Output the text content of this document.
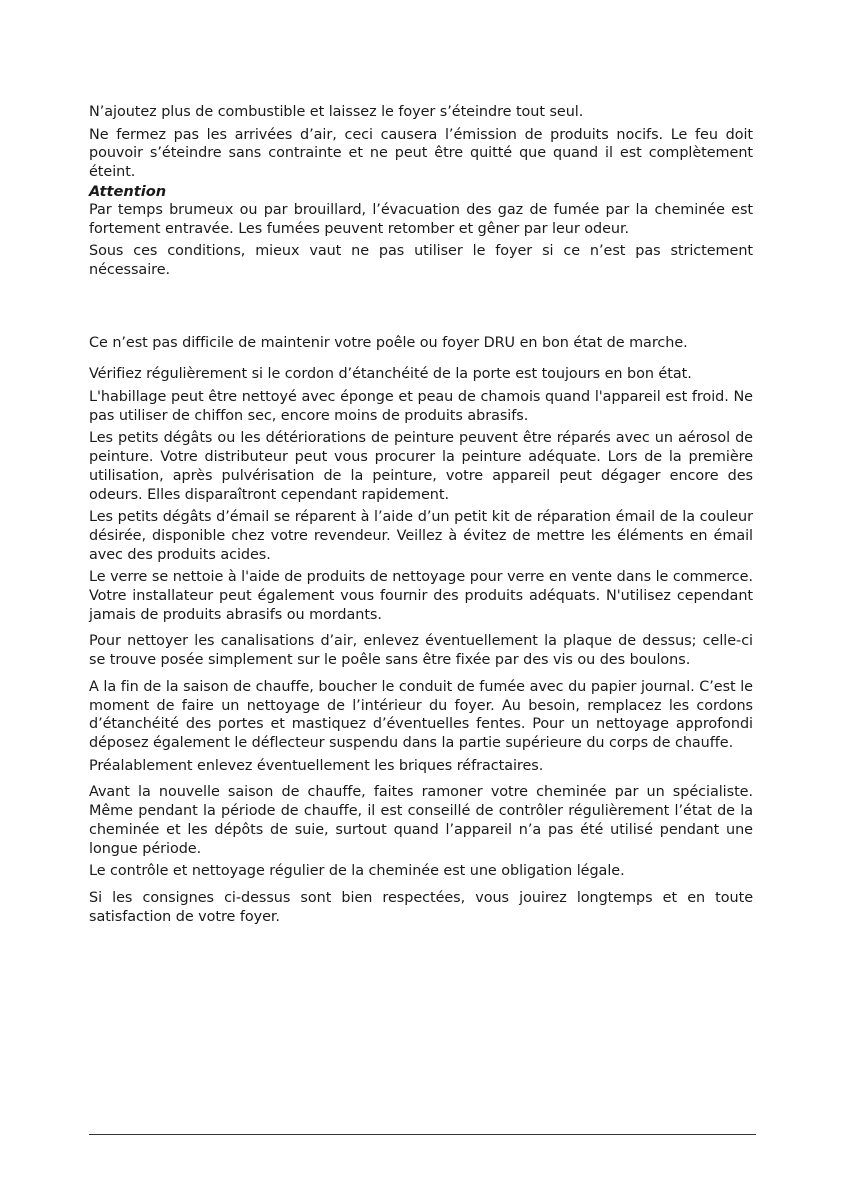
N’ajoutez plus de combustible et laissez le foyer s’éteindre tout seul.

Ne fermez pas les arrivées d’air, ceci causera l’émission de produits nocifs. Le feu doit pouvoir s’éteindre sans contrainte et ne peut être quitté que quand il est complètement éteint.

Attention

Par temps brumeux ou par brouillard, l’évacuation des gaz de fumée par la cheminée est fortement entravée. Les fumées peuvent retomber et gêner par leur odeur.

Sous ces conditions, mieux vaut ne pas utiliser le foyer si ce n’est pas strictement nécessaire.

Ce n’est pas difficile de maintenir votre poêle ou foyer DRU en bon état de marche.

Vérifiez régulièrement si le cordon d’étanchéité de la porte est toujours en bon état.

L'habillage peut être nettoyé avec éponge et peau de chamois quand l'appareil est froid. Ne pas utiliser de chiffon sec, encore moins de produits abrasifs.

Les petits dégâts ou les détériorations de peinture peuvent être réparés avec un aérosol de peinture. Votre distributeur peut vous procurer la peinture adéquate. Lors de la première utilisation, après pulvérisation de la peinture, votre appareil peut dégager encore des odeurs. Elles disparaîtront cependant rapidement.

Les petits dégâts d’émail se réparent à l’aide d’un petit kit de réparation émail de la couleur désirée, disponible chez votre revendeur. Veillez à évitez de mettre les éléments en émail avec des produits acides.

Le verre se nettoie à l'aide de produits de nettoyage pour verre en vente dans le commerce. Votre installateur peut également vous fournir des produits adéquats. N'utilisez cependant jamais de produits abrasifs ou mordants.

Pour nettoyer les canalisations d’air, enlevez éventuellement la plaque de dessus; celle-ci se trouve posée simplement sur le poêle sans être fixée par des vis ou des boulons.

A la fin de la saison de chauffe, boucher le conduit de fumée avec du papier journal. C’est le moment de faire un nettoyage de l’intérieur du foyer. Au besoin, remplacez les cordons d’étanchéité des portes et mastiquez d’éventuelles fentes. Pour un nettoyage approfondi déposez également le déflecteur suspendu dans la partie supérieure du corps de chauffe.

Préalablement enlevez éventuellement les briques réfractaires.

Avant la nouvelle saison de chauffe, faites ramoner votre cheminée par un spécialiste. Même pendant la période de chauffe, il est conseillé de contrôler régulièrement l’état de la cheminée et les dépôts de suie, surtout quand l’appareil n’a pas été utilisé pendant une longue période.

Le contrôle et nettoyage régulier de la cheminée est une obligation légale.

Si les consignes ci-dessus sont bien respectées, vous jouirez longtemps et en toute satisfaction de votre foyer.
